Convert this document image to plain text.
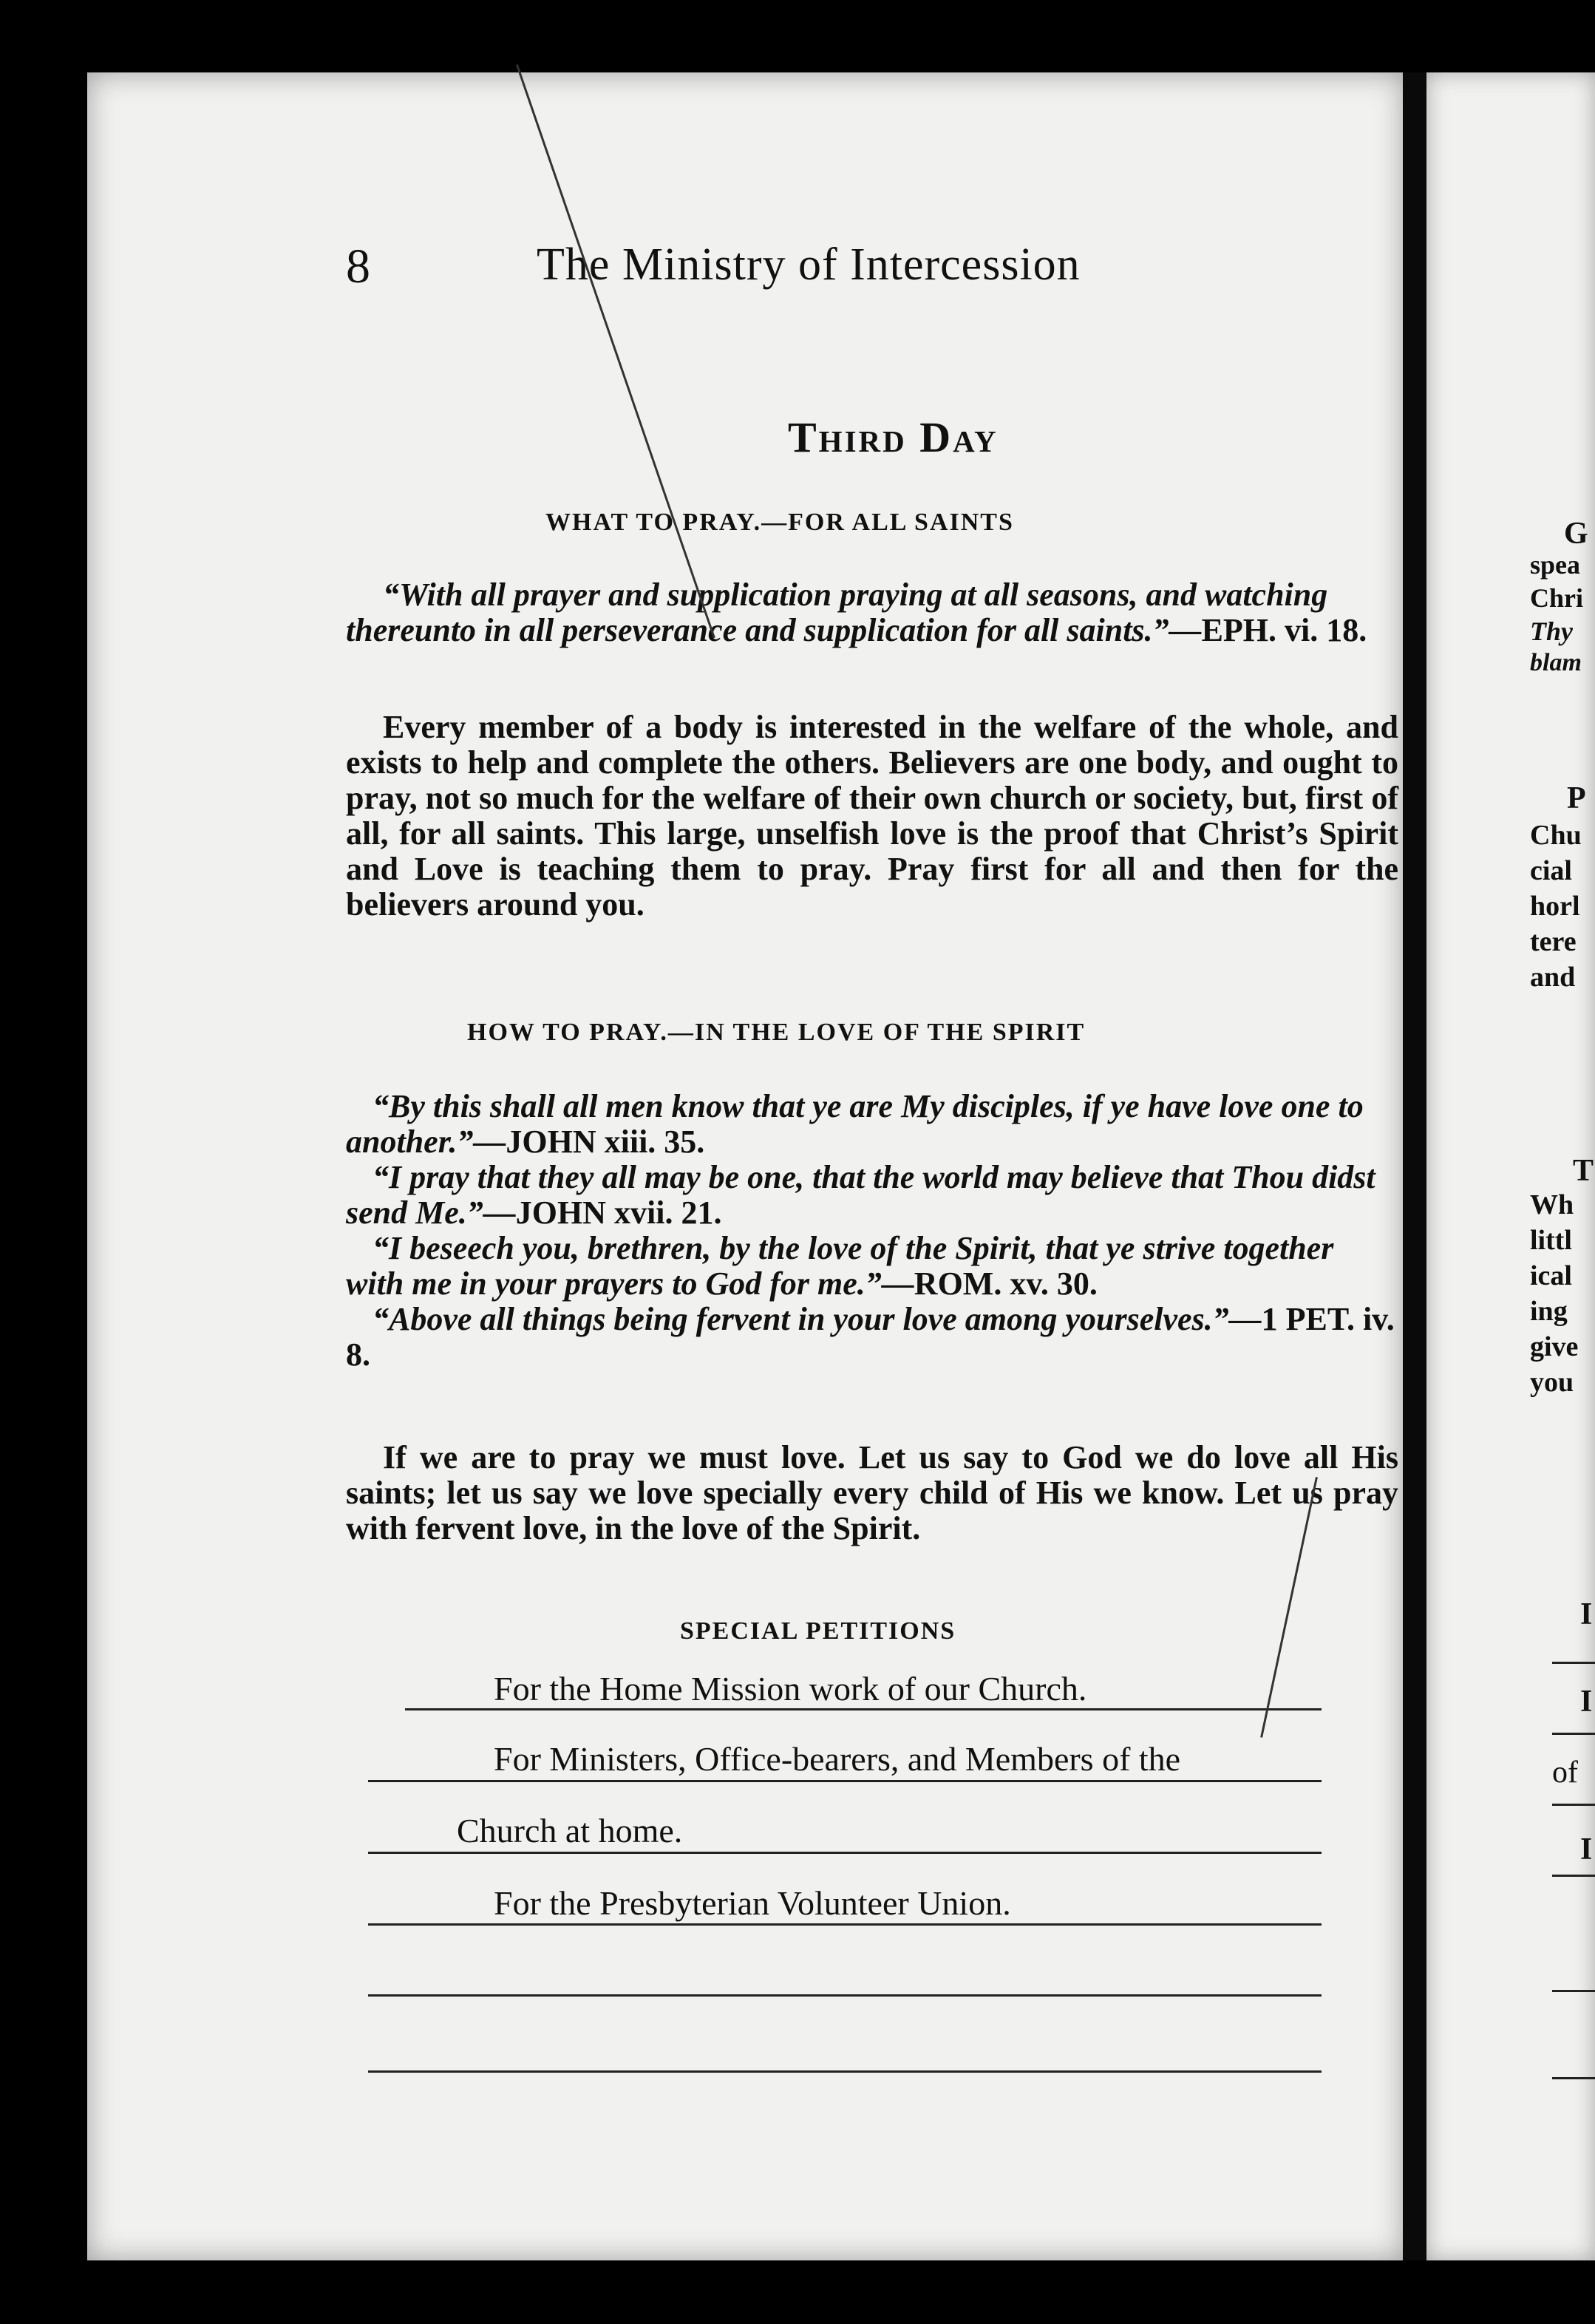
8	The Ministry of Intercession
Third Day
WHAT TO PRAY.—FOR ALL SAINTS
“With all prayer and supplication praying at all seasons, and watching thereunto in all perseverance and supplication for all saints.”—EPH. vi. 18.
Every member of a body is interested in the welfare of the whole, and exists to help and complete the others. Believers are one body, and ought to pray, not so much for the welfare of their own church or society, but, first of all, for all saints. This large, unselfish love is the proof that Christ’s Spirit and Love is teaching them to pray. Pray first for all and then for the believers around you.
HOW TO PRAY.—IN THE LOVE OF THE SPIRIT

“By this shall all men know that ye are My disciples, if ye have love one to another.”—JOHN xiii. 35.

“I pray that they all may be one, that the world may believe that Thou didst send Me.”—JOHN xvii. 21.

“I beseech you, brethren, by the love of the Spirit, that ye strive together with me in your prayers to God for me.”—ROM. xv. 30.

“Above all things being fervent in your love among yourselves.”—1 PET. iv. 8.

If we are to pray we must love. Let us say to God we do love all His saints; let us say we love specially every child of His we know. Let us pray with fervent love, in the love of the Spirit.
SPECIAL PETITIONS
For the Home Mission work of our Church.
For Ministers, Office-bearers, and Members of the
Church at home.
For the Presbyterian Volunteer Union.
G
spea
Chri
Thy
blam
P
Chu
cial
horl
tere
and
T
Wh
littl
ical
ing
give
you
I
I
of
I
